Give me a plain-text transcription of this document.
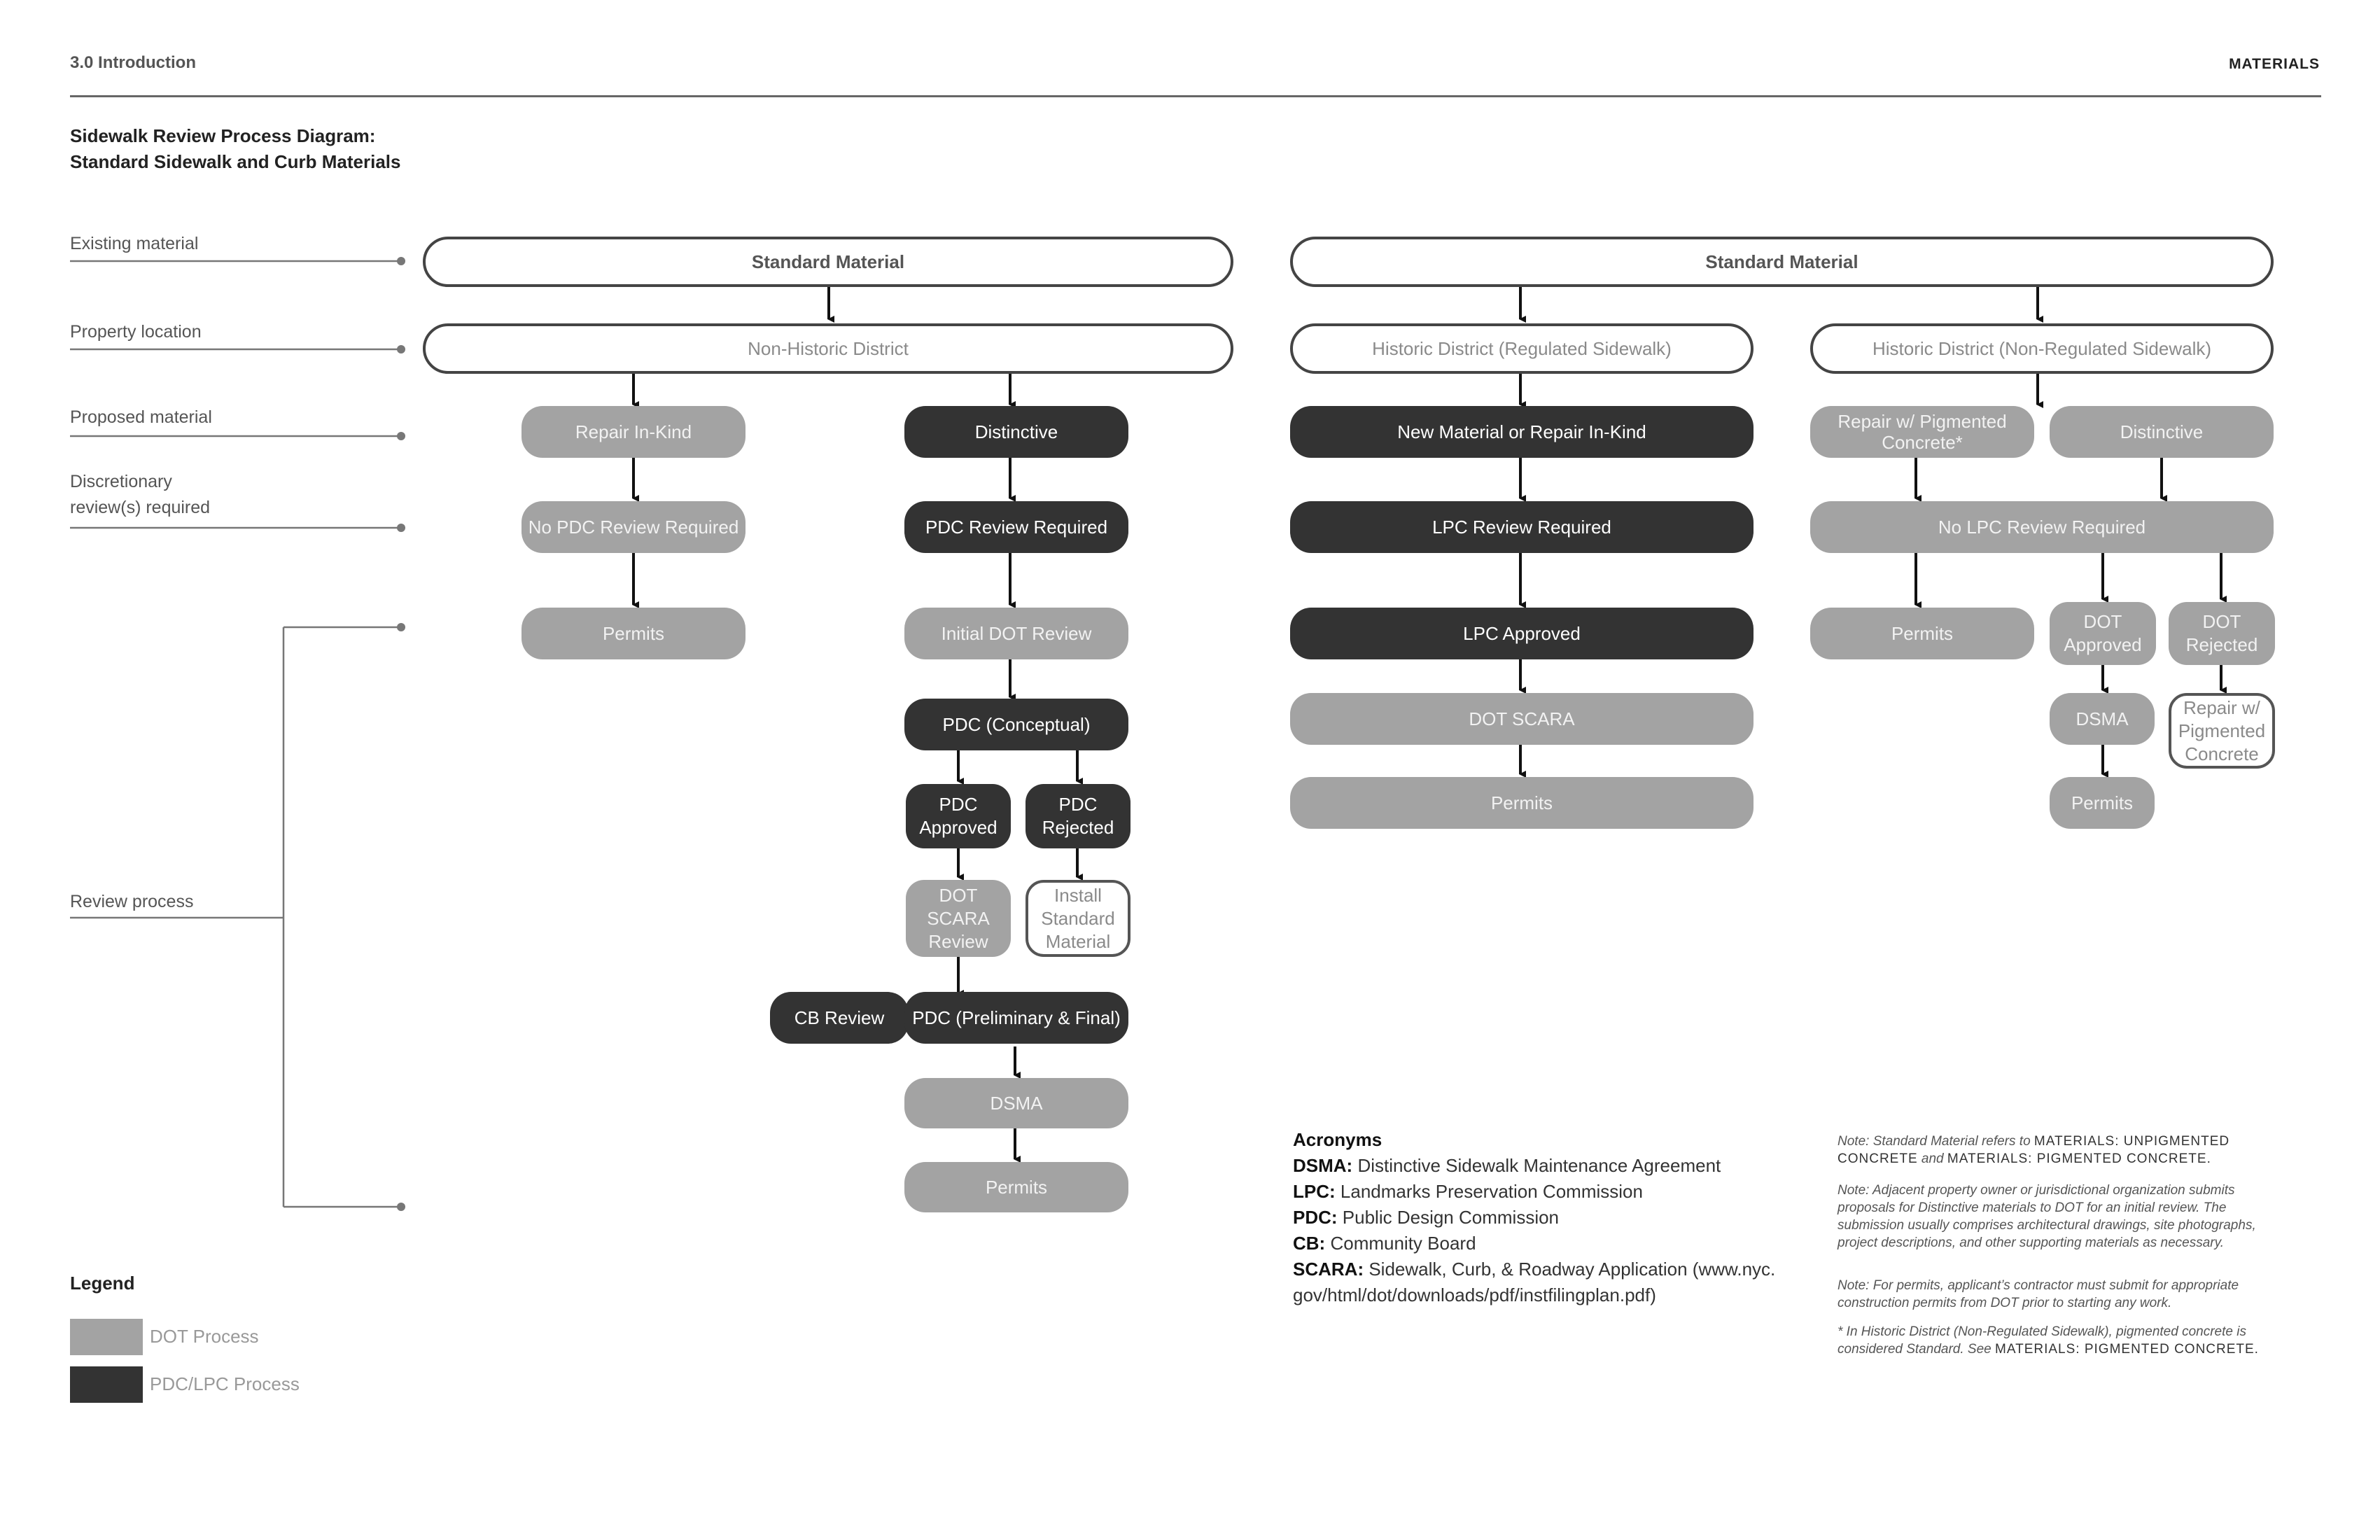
3.0 Introduction	MATERIALS
Sidewalk Review Process Diagram:
Standard Sidewalk and Curb Materials
Existing material
Property location
Proposed material
Discretionary
review(s) required
Review process
Standard Material
Non-Historic District
Repair In-Kind	Distinctive
No PDC Review Required	PDC Review Required
Permits	Initial DOT Review
PDC (Conceptual)
PDC Approved
PDC Rejected
DOT SCARA Review
Install Standard Material
CB Review	PDC (Preliminary & Final)
DSMA
Permits
Standard Material
Historic District (Regulated Sidewalk)	Historic District (Non-Regulated Sidewalk)
New Material or Repair In-Kind	Repair w/ Pigmented Concrete*
Distinctive
LPC Review Required	No LPC Review Required
LPC Approved	Permits
DOT Approved
DOT Rejected
DOT SCARA	DSMA
Repair w/ Pigmented Concrete
Permits	Permits
Acronyms
DSMA: Distinctive Sidewalk Maintenance Agreement
LPC: Landmarks Preservation Commission
PDC: Public Design Commission
CB: Community Board
SCARA: Sidewalk, Curb, & Roadway Application (www.nyc.
gov/html/dot/downloads/pdf/instfilingplan.pdf)
Note: Standard Material refers to MATERIALS: UNPIGMENTED
CONCRETE and MATERIALS: PIGMENTED CONCRETE.
Note: Adjacent property owner or jurisdictional organization submits
proposals for Distinctive materials to DOT for an initial review. The
submission usually comprises architectural drawings, site photographs,
project descriptions, and other supporting materials as necessary.
Note: For permits, applicant’s contractor must submit for appropriate
construction permits from DOT prior to starting any work.
* In Historic District (Non-Regulated Sidewalk), pigmented concrete is
considered Standard. See MATERIALS: PIGMENTED CONCRETE.
Legend
DOT Process
PDC/LPC Process
